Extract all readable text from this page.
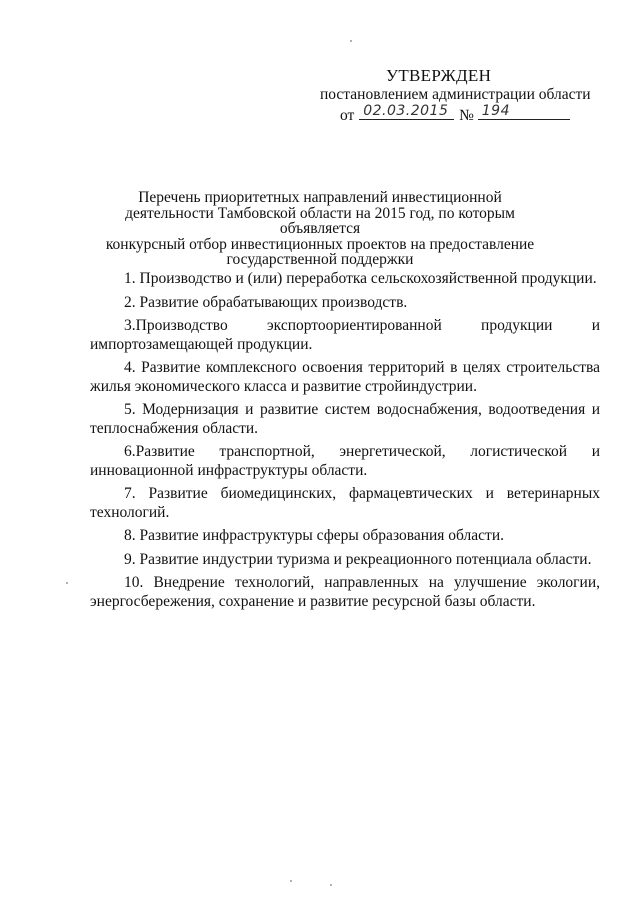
УТВЕРЖДЕН
постановлением администрации области
от 02.03.2015 № 194
Перечень приоритетных направлений инвестиционной
деятельности Тамбовской области на 2015 год, по которым объявляется
конкурсный отбор инвестиционных проектов на предоставление
государственной поддержки

1. Производство и (или) переработка сельскохозяйственной продукции.

2. Развитие обрабатывающих производств.

3.Производство экспортоориентированной продукции и импортозамещающей продукции.

4. Развитие комплексного освоения территорий в целях строительства жилья экономического класса и развитие стройиндустрии.

5. Модернизация и развитие систем водоснабжения, водоотведения и теплоснабжения области.

6.Развитие транспортной, энергетической, логистической и инновационной инфраструктуры области.

7. Развитие биомедицинских, фармацевтических и ветеринарных технологий.

8. Развитие инфраструктуры сферы образования области.

9. Развитие индустрии туризма и рекреационного потенциала области.

10. Внедрение технологий, направленных на улучшение экологии, энергосбережения, сохранение и развитие ресурсной базы области.
